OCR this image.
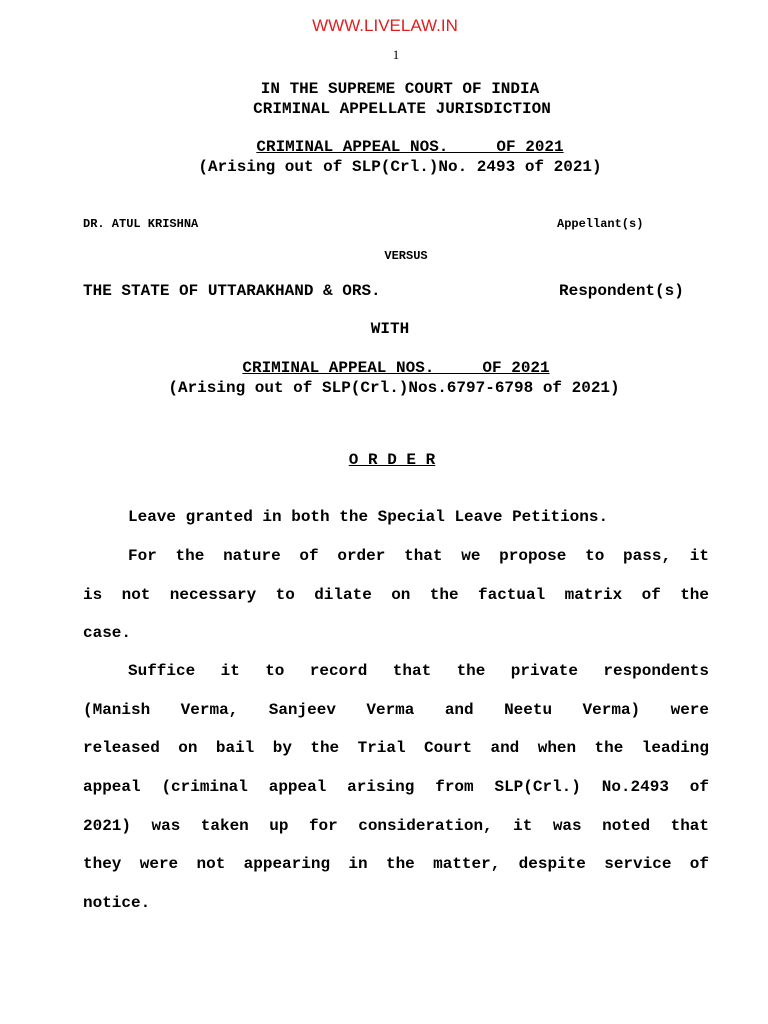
WWW.LIVELAW.IN
1
IN THE SUPREME COURT OF INDIA
CRIMINAL APPELLATE JURISDICTION
CRIMINAL APPEAL NOS.     OF 2021
(Arising out of SLP(Crl.)No. 2493 of 2021)
DR. ATUL KRISHNA	Appellant(s)
VERSUS
THE STATE OF UTTARAKHAND & ORS.	Respondent(s)
WITH
CRIMINAL APPEAL NOS.     OF 2021
(Arising out of SLP(Crl.)Nos.6797-6798 of 2021)
O R D E R
Leave granted in both the Special Leave Petitions.
For the nature of order that we propose to pass, it
is not necessary to dilate on the factual matrix of the
case.
Suffice it to record that the private respondents
(Manish Verma, Sanjeev Verma and Neetu Verma) were
released on bail by the Trial Court and when the leading
appeal (criminal appeal arising from SLP(Crl.) No.2493 of
2021) was taken up for consideration, it was noted that
they were not appearing in the matter, despite service of
notice.
